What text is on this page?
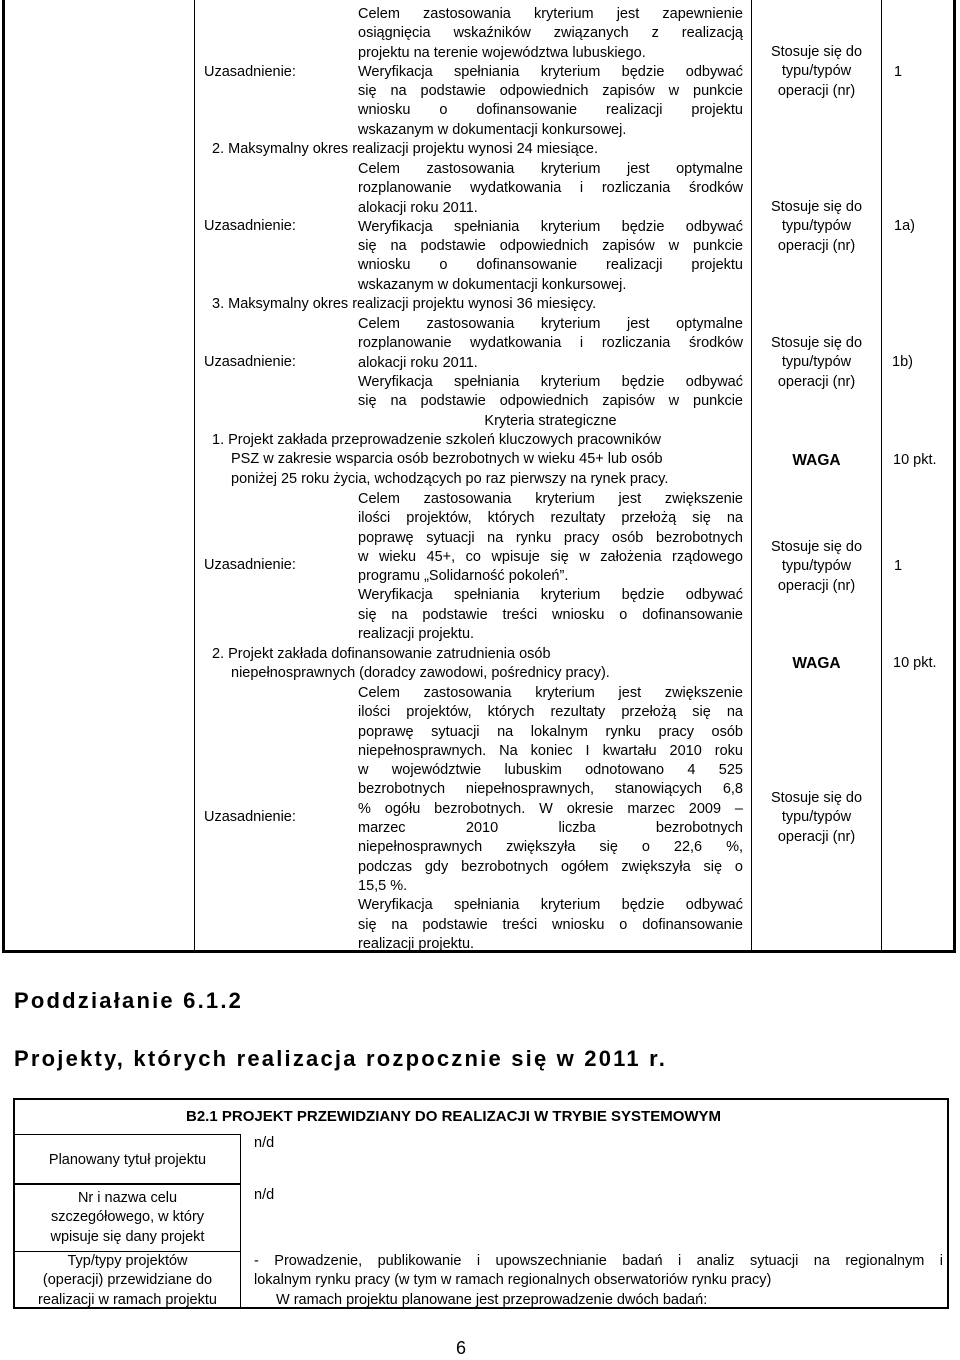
Uzasadnienie:
Celem zastosowania kryterium jest zapewnienie
osiągnięcia wskaźników związanych z realizacją
projektu na terenie województwa lubuskiego.
Weryfikacja spełniania kryterium będzie odbywać
się na podstawie odpowiednich zapisów w punkcie
wniosku o dofinansowanie realizacji projektu
wskazanym w dokumentacji konkursowej.
Stosuje się do
typu/typów
operacji (nr)
1
2. Maksymalny okres realizacji projektu wynosi 24 miesiące.
Uzasadnienie:
Celem zastosowania kryterium jest optymalne
rozplanowanie wydatkowania i rozliczania środków
alokacji roku 2011.
Weryfikacja spełniania kryterium będzie odbywać
się na podstawie odpowiednich zapisów w punkcie
wniosku o dofinansowanie realizacji projektu
wskazanym w dokumentacji konkursowej.
Stosuje się do
typu/typów
operacji (nr)
1a)
3. Maksymalny okres realizacji projektu wynosi 36 miesięcy.
Uzasadnienie:
Celem zastosowania kryterium jest optymalne
rozplanowanie wydatkowania i rozliczania środków
alokacji roku 2011.
Weryfikacja spełniania kryterium będzie odbywać
się na podstawie odpowiednich zapisów w punkcie
Stosuje się do
typu/typów
operacji (nr)
1b)
Kryteria strategiczne
1. Projekt zakłada przeprowadzenie szkoleń kluczowych pracowników
PSZ w zakresie wsparcia osób bezrobotnych w wieku 45+ lub osób
poniżej 25 roku życia, wchodzących po raz pierwszy na rynek pracy.
WAGA	10 pkt.
Uzasadnienie:
Celem zastosowania kryterium jest zwiększenie
ilości projektów, których rezultaty przełożą się na
poprawę sytuacji na rynku pracy osób bezrobotnych
w wieku 45+, co wpisuje się w założenia rządowego
programu „Solidarność pokoleń”.
Weryfikacja spełniania kryterium będzie odbywać
się na podstawie treści wniosku o dofinansowanie
realizacji projektu.
Stosuje się do
typu/typów
operacji (nr)
1
2. Projekt zakłada dofinansowanie zatrudnienia osób
niepełnosprawnych (doradcy zawodowi, pośrednicy pracy).
WAGA	10 pkt.
Uzasadnienie:
Celem zastosowania kryterium jest zwiększenie
ilości projektów, których rezultaty przełożą się na
poprawę sytuacji na lokalnym rynku pracy osób
niepełnosprawnych. Na koniec I kwartału 2010 roku
w województwie lubuskim odnotowano 4 525
bezrobotnych niepełnosprawnych, stanowiących 6,8
% ogółu bezrobotnych. W okresie marzec 2009 –
marzec 2010 liczba bezrobotnych
niepełnosprawnych zwiększyła się o 22,6 %,
podczas gdy bezrobotnych ogółem zwiększyła się o
15,5 %.
Weryfikacja spełniania kryterium będzie odbywać
się na podstawie treści wniosku o dofinansowanie
realizacji projektu.
Stosuje się do
typu/typów
operacji (nr)
Poddziałanie 6.1.2
Projekty, których realizacja rozpocznie się w 2011 r.
B2.1 PROJEKT PRZEWIDZIANY DO REALIZACJI W TRYBIE SYSTEMOWYM
Planowany tytuł projektu
n/d
Nr i nazwa celu
szczegółowego, w który
wpisuje się dany projekt
n/d
Typ/typy projektów
(operacji) przewidziane do
realizacji w ramach projektu
- Prowadzenie, publikowanie i upowszechnianie badań i analiz sytuacji na regionalnym i
lokalnym rynku pracy (w tym w ramach regionalnych obserwatoriów rynku pracy)
W ramach projektu planowane jest przeprowadzenie dwóch badań:
6
